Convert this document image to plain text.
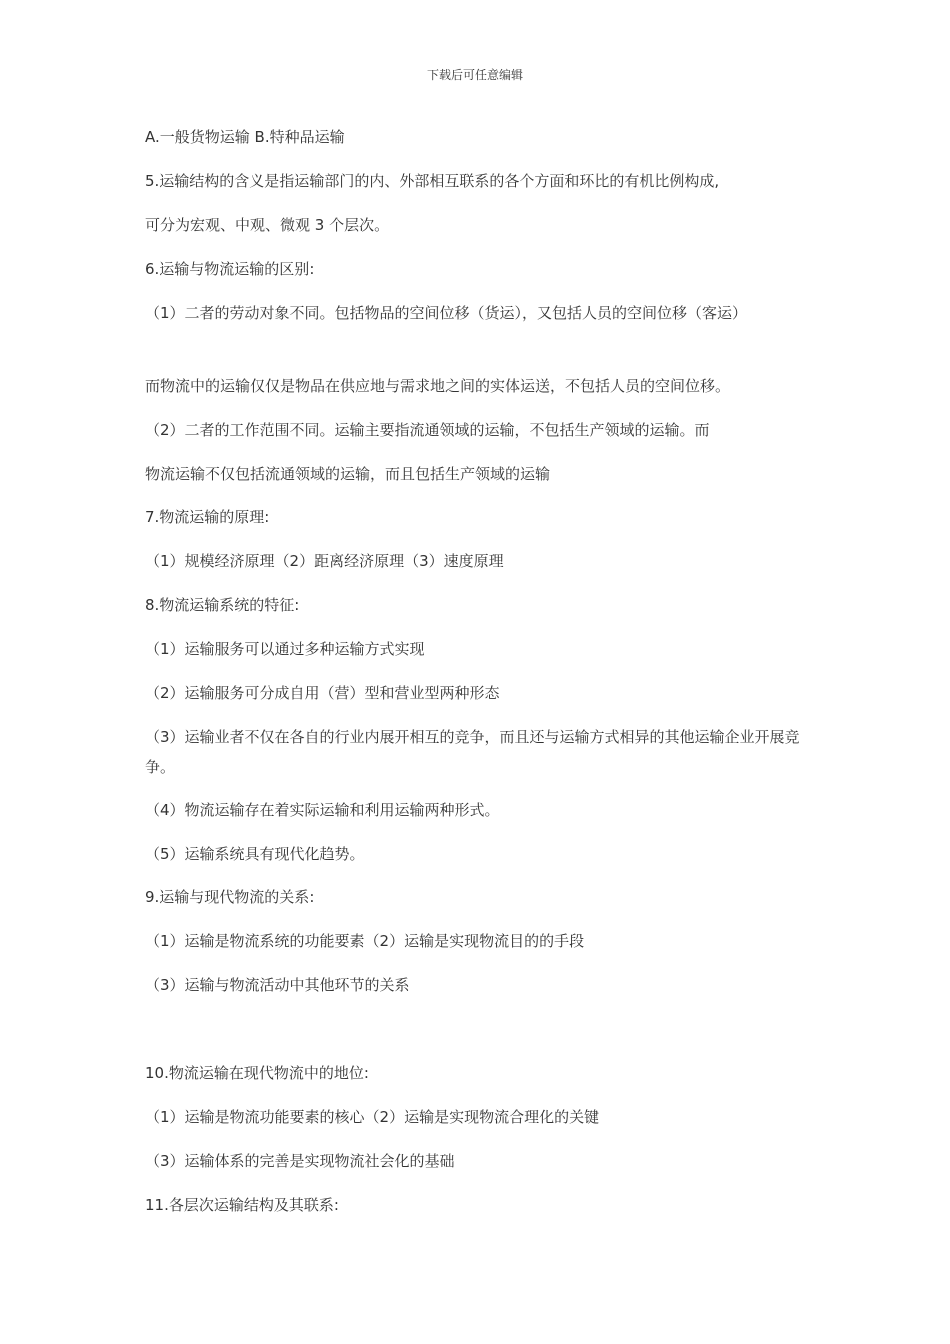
下载后可任意编辑
A.一般货物运输 B.特种品运输
5.运输结构的含义是指运输部门的内、外部相互联系的各个方面和环比的有机比例构成,
可分为宏观、中观、微观 3 个层次。
6.运输与物流运输的区别:
（1）二者的劳动对象不同。包括物品的空间位移（货运），又包括人员的空间位移（客运）
而物流中的运输仅仅是物品在供应地与需求地之间的实体运送，不包括人员的空间位移。
（2）二者的工作范围不同。运输主要指流通领域的运输，不包括生产领域的运输。而
物流运输不仅包括流通领域的运输，而且包括生产领域的运输
7.物流运输的原理:
（1）规模经济原理（2）距离经济原理（3）速度原理
8.物流运输系统的特征:
（1）运输服务可以通过多种运输方式实现
（2）运输服务可分成自用（营）型和营业型两种形态
（3）运输业者不仅在各自的行业内展开相互的竞争，而且还与运输方式相异的其他运输企业开展竞争。
（4）物流运输存在着实际运输和利用运输两种形式。
（5）运输系统具有现代化趋势。
9.运输与现代物流的关系:
（1）运输是物流系统的功能要素（2）运输是实现物流目的的手段
（3）运输与物流活动中其他环节的关系
10.物流运输在现代物流中的地位:
（1）运输是物流功能要素的核心（2）运输是实现物流合理化的关键
（3）运输体系的完善是实现物流社会化的基础
11.各层次运输结构及其联系:
